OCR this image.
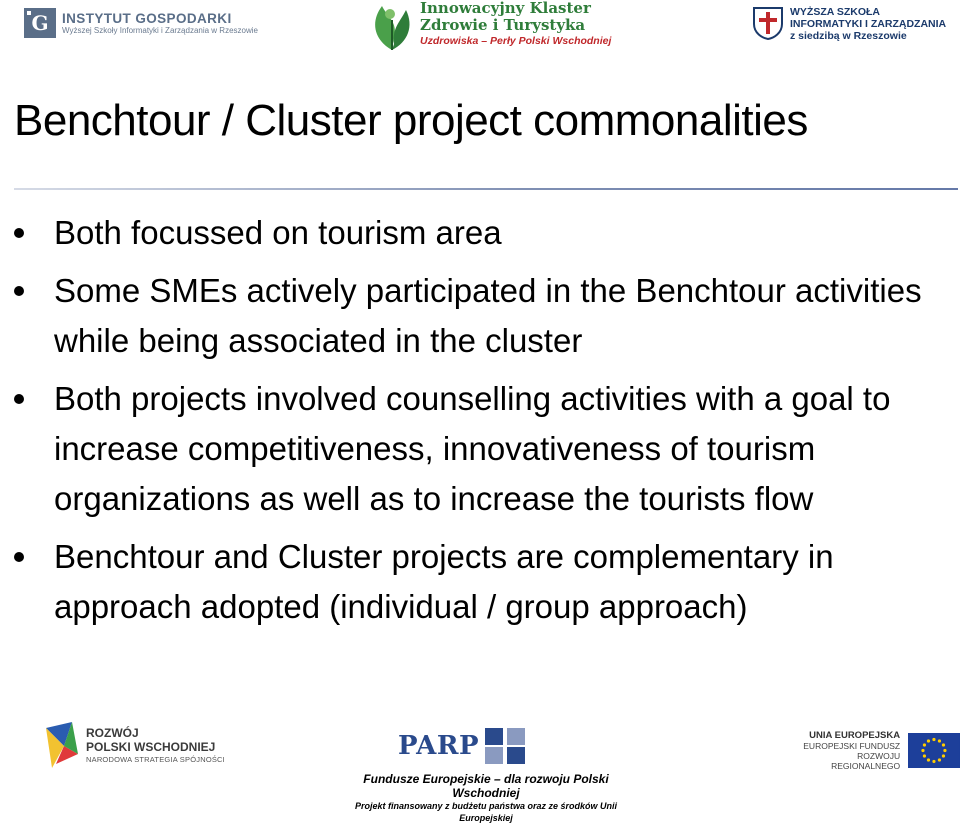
G INSTYTUT GOSPODARKI
Wyższej Szkoły Informatyki i Zarządzania w Rzeszowie
Innowacyjny Klaster
Zdrowie i Turystyka
Uzdrowiska – Perły Polski Wschodniej
WYŻSZA SZKOŁA
INFORMATYKI I ZARZĄDZANIA
z siedzibą w Rzeszowie
Benchtour / Cluster project commonalities
Both focussed on tourism area
Some SMEs actively participated in the Benchtour activities while being associated in the cluster
Both projects involved counselling activities with a goal to increase competitiveness, innovativeness of tourism organizations as well as to increase the tourists flow
Benchtour and Cluster projects are complementary in approach adopted (individual / group approach)
ROZWÓJ
POLSKI WSCHODNIEJ
NARODOWA STRATEGIA SPÓJNOŚCI	PARP
Fundusze Europejskie – dla rozwoju Polski Wschodniej
Projekt finansowany z budżetu państwa oraz ze środków Unii Europejskiej
UNIA EUROPEJSKA
EUROPEJSKI FUNDUSZ
ROZWOJU REGIONALNEGO
